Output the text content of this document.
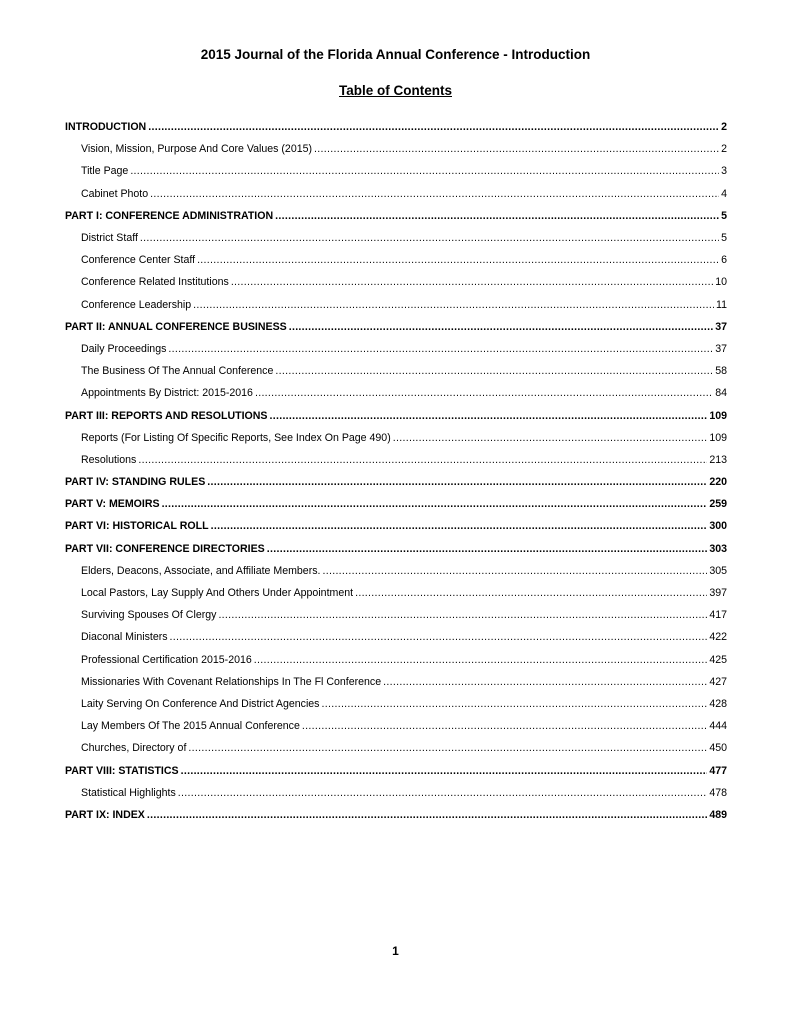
2015 Journal of the Florida Annual Conference - Introduction
Table of Contents
INTRODUCTION .....	2
Vision, Mission, Purpose And Core Values (2015) .....	2
Title Page .....	3
Cabinet Photo .....	4
PART I: CONFERENCE ADMINISTRATION .....	5
District Staff .....	5
Conference Center Staff .....	6
Conference Related Institutions .....	10
Conference Leadership .....	11
PART II: ANNUAL CONFERENCE BUSINESS .....	37
Daily Proceedings .....	37
The Business Of The Annual Conference .....	58
Appointments By District: 2015-2016 .....	84
PART III: REPORTS AND RESOLUTIONS .....	109
Reports (For Listing Of Specific Reports, See Index On Page 490) .....	109
Resolutions .....	213
PART IV: STANDING RULES .....	220
PART V: MEMOIRS .....	259
PART VI: HISTORICAL ROLL .....	300
PART VII: CONFERENCE DIRECTORIES .....	303
Elders, Deacons, Associate, and Affiliate Members. .....	305
Local Pastors, Lay Supply And Others Under Appointment .....	397
Surviving Spouses Of Clergy .....	417
Diaconal Ministers .....	422
Professional Certification 2015-2016 .....	425
Missionaries With Covenant Relationships In The Fl Conference .....	427
Laity Serving On Conference And District Agencies .....	428
Lay Members Of The 2015 Annual Conference .....	444
Churches, Directory of .....	450
PART VIII: STATISTICS .....	477
Statistical Highlights .....	478
PART IX: INDEX .....	489
1
